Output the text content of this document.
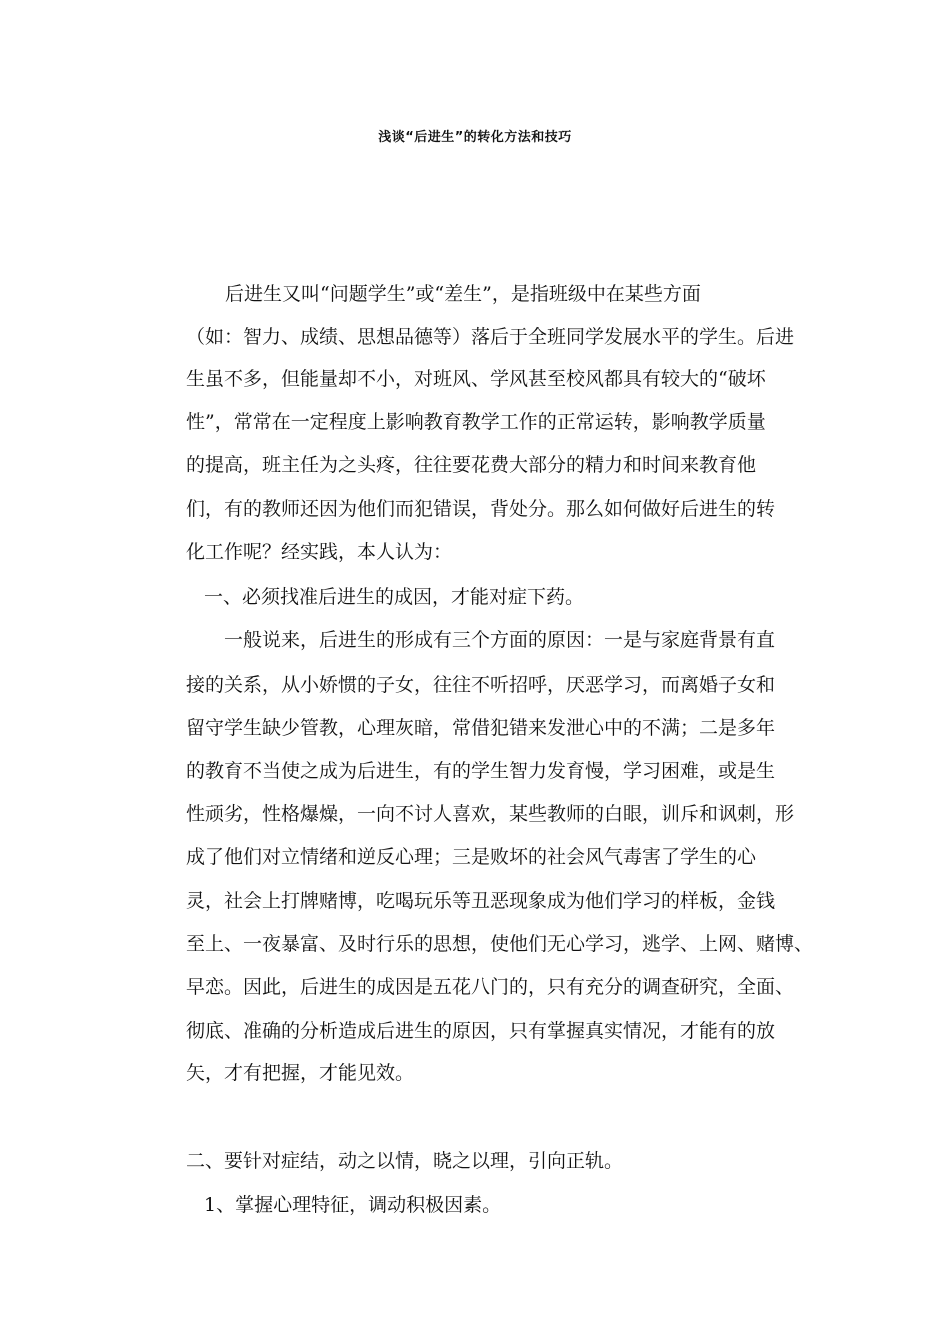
浅谈“后进生”的转化方法和技巧
后进生又叫“问题学生”或“差生”，是指班级中在某些方面
（如：智力、成绩、思想品德等）落后于全班同学发展水平的学生。后进
生虽不多，但能量却不小，对班风、学风甚至校风都具有较大的“破坏
性”，常常在一定程度上影响教育教学工作的正常运转，影响教学质量
的提高，班主任为之头疼，往往要花费大部分的精力和时间来教育他
们，有的教师还因为他们而犯错误，背处分。那么如何做好后进生的转
化工作呢？经实践，本人认为：
一、必须找准后进生的成因，才能对症下药。
一般说来，后进生的形成有三个方面的原因：一是与家庭背景有直
接的关系，从小娇惯的子女，往往不听招呼，厌恶学习，而离婚子女和
留守学生缺少管教，心理灰暗，常借犯错来发泄心中的不满；二是多年
的教育不当使之成为后进生，有的学生智力发育慢，学习困难，或是生
性顽劣，性格爆燥，一向不讨人喜欢，某些教师的白眼，训斥和讽刺，形
成了他们对立情绪和逆反心理；三是败坏的社会风气毒害了学生的心
灵，社会上打牌赌博，吃喝玩乐等丑恶现象成为他们学习的样板，金钱
至上、一夜暴富、及时行乐的思想，使他们无心学习，逃学、上网、赌博、
早恋。因此，后进生的成因是五花八门的，只有充分的调查研究，全面、
彻底、准确的分析造成后进生的原因，只有掌握真实情况，才能有的放
矢，才有把握，才能见效。
二、要针对症结，动之以情，晓之以理，引向正轨。
1、掌握心理特征，调动积极因素。
